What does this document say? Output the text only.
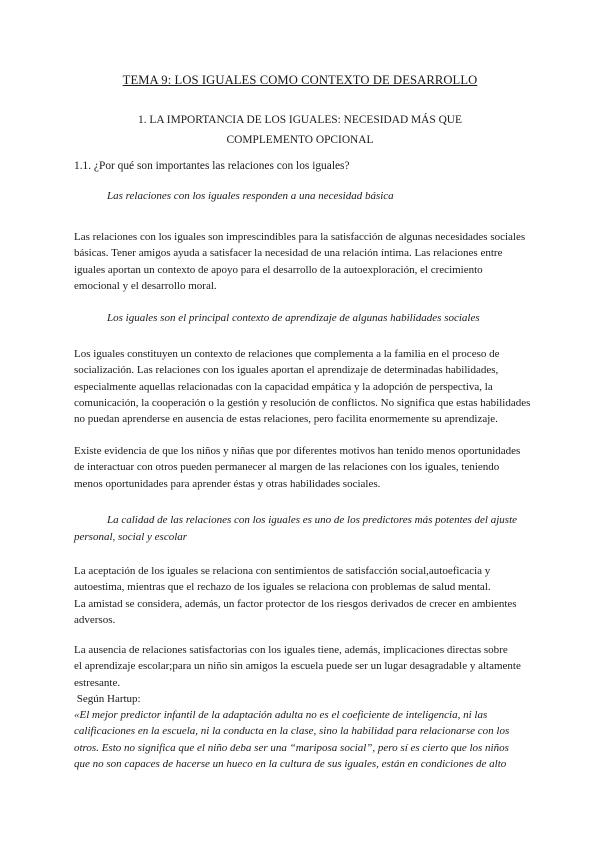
TEMA 9: LOS IGUALES COMO CONTEXTO DE DESARROLLO
1. LA IMPORTANCIA DE LOS IGUALES: NECESIDAD MÁS QUE COMPLEMENTO OPCIONAL
1.1. ¿Por qué son importantes las relaciones con los iguales?
Las relaciones con los iguales responden a una necesidad básica

Las relaciones con los iguales son imprescindibles para la satisfacción de algunas necesidades sociales
básicas. Tener amigos ayuda a satisfacer la necesidad de una relación íntima. Las relaciones entre
iguales aportan un contexto de apoyo para el desarrollo de la autoexploración, el crecimiento
emocional y el desarrollo moral.

Los iguales son el principal contexto de aprendizaje de algunas habilidades sociales

Los iguales constituyen un contexto de relaciones que complementa a la familia en el proceso de
socialización. Las relaciones con los iguales aportan el aprendizaje de determinadas habilidades,
especialmente aquellas relacionadas con la capacidad empática y la adopción de perspectiva, la
comunicación, la cooperación o la gestión y resolución de conflictos. No significa que estas habilidades
no puedan aprenderse en ausencia de estas relaciones, pero facilita enormemente su aprendizaje.

Existe evidencia de que los niños y niñas que por diferentes motivos han tenido menos oportunidades
de interactuar con otros pueden permanecer al margen de las relaciones con los iguales, teniendo
menos oportunidades para aprender éstas y otras habilidades sociales.

La calidad de las relaciones con los iguales es uno de los predictores más potentes del ajuste
personal, social y escolar

La aceptación de los iguales se relaciona con sentimientos de satisfacción social,autoeficacia y
autoestima, mientras que el rechazo de los iguales se relaciona con problemas de salud mental.
La amistad se considera, además, un factor protector de los riesgos derivados de crecer en ambientes
adversos.

La ausencia de relaciones satisfactorias con los iguales tiene, además, implicaciones directas sobre
el aprendizaje escolar;para un niño sin amigos la escuela puede ser un lugar desagradable y altamente
estresante.
Según Hartup:
«El mejor predictor infantil de la adaptación adulta no es el coeficiente de inteligencia, ni las
calificaciones en la escuela, ni la conducta en la clase, sino la habilidad para relacionarse con los
otros. Esto no significa que el niño deba ser una “mariposa social”, pero sí es cierto que los niños
que no son capaces de hacerse un hueco en la cultura de sus iguales, están en condiciones de alto
